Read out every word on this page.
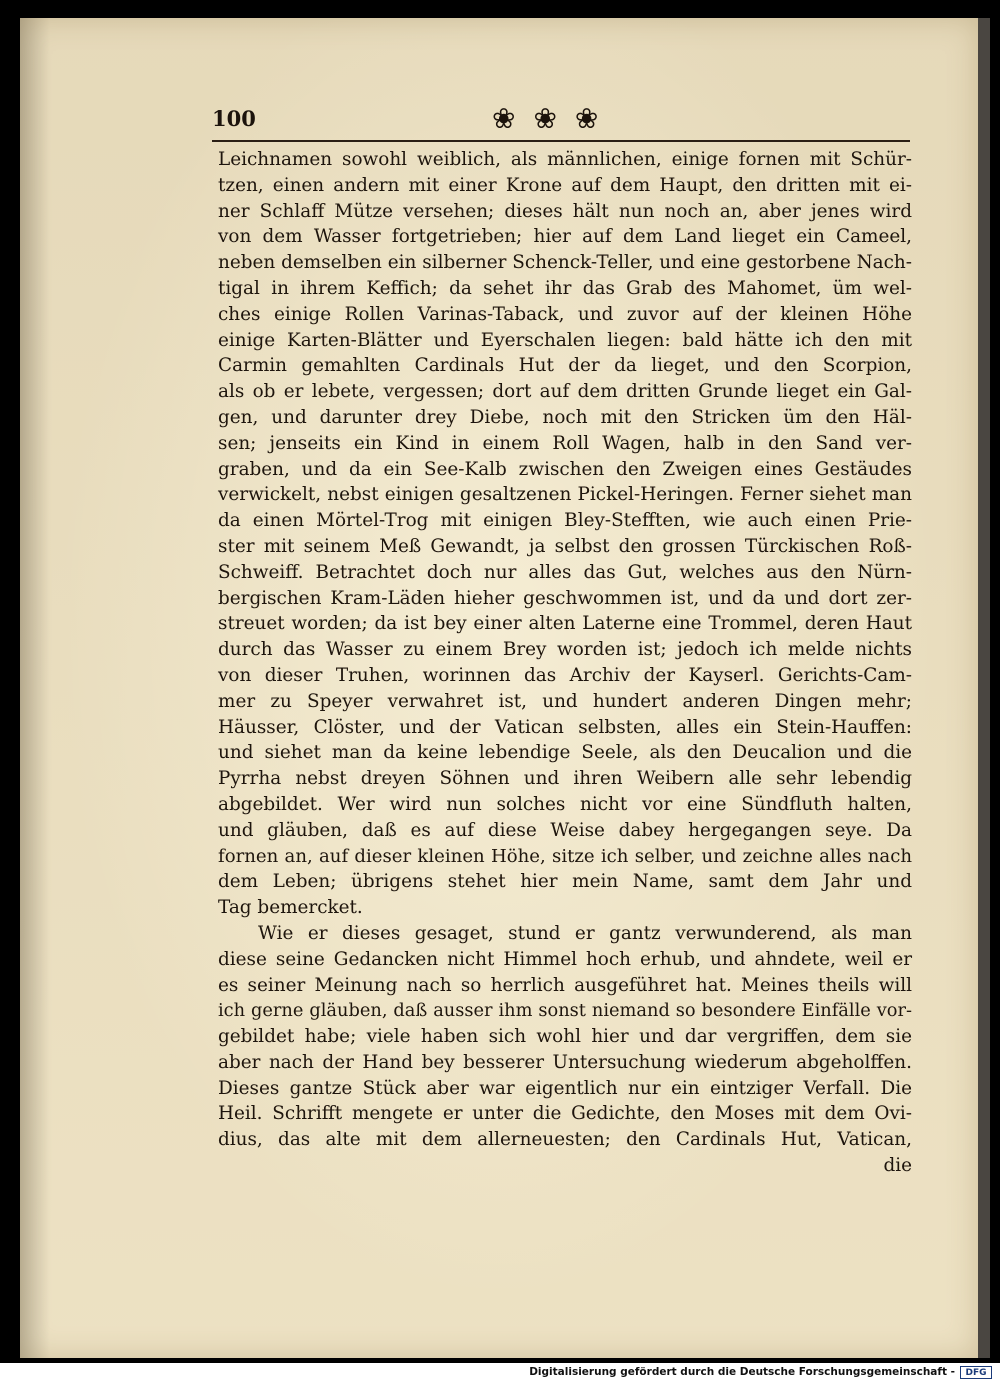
100	❀❀❀
Leichnamen sowohl weiblich, als männlichen, einige fornen mit Schür-
tzen, einen andern mit einer Krone auf dem Haupt, den dritten mit ei-
ner Schlaff Mütze versehen; dieses hält nun noch an, aber jenes wird
von dem Wasser fortgetrieben; hier auf dem Land lieget ein Cameel,
neben demselben ein silberner Schenck-Teller, und eine gestorbene Nach-
tigal in ihrem Keffich; da sehet ihr das Grab des Mahomet, üm wel-
ches einige Rollen Varinas-Taback, und zuvor auf der kleinen Höhe
einige Karten-Blätter und Eyerschalen liegen: bald hätte ich den mit
Carmin gemahlten Cardinals Hut der da lieget, und den Scorpion,
als ob er lebete, vergessen; dort auf dem dritten Grunde lieget ein Gal-
gen, und darunter drey Diebe, noch mit den Stricken üm den Häl-
sen; jenseits ein Kind in einem Roll Wagen, halb in den Sand ver-
graben, und da ein See-Kalb zwischen den Zweigen eines Gestäudes
verwickelt, nebst einigen gesaltzenen Pickel-Heringen. Ferner siehet man
da einen Mörtel-Trog mit einigen Bley-Stefften, wie auch einen Prie-
ster mit seinem Meß Gewandt, ja selbst den grossen Türckischen Roß-
Schweiff. Betrachtet doch nur alles das Gut, welches aus den Nürn-
bergischen Kram-Läden hieher geschwommen ist, und da und dort zer-
streuet worden; da ist bey einer alten Laterne eine Trommel, deren Haut
durch das Wasser zu einem Brey worden ist; jedoch ich melde nichts
von dieser Truhen, worinnen das Archiv der Kayserl. Gerichts-Cam-
mer zu Speyer verwahret ist, und hundert anderen Dingen mehr;
Häusser, Clöster, und der Vatican selbsten, alles ein Stein-Hauffen:
und siehet man da keine lebendige Seele, als den Deucalion und die
Pyrrha nebst dreyen Söhnen und ihren Weibern alle sehr lebendig
abgebildet. Wer wird nun solches nicht vor eine Sündfluth halten,
und gläuben, daß es auf diese Weise dabey hergegangen seye. Da
fornen an, auf dieser kleinen Höhe, sitze ich selber, und zeichne alles nach
dem Leben; übrigens stehet hier mein Name, samt dem Jahr und
Tag bemercket.
Wie er dieses gesaget, stund er gantz verwunderend, als man
diese seine Gedancken nicht Himmel hoch erhub, und ahndete, weil er
es seiner Meinung nach so herrlich ausgeführet hat. Meines theils will
ich gerne gläuben, daß ausser ihm sonst niemand so besondere Einfälle vor-
gebildet habe; viele haben sich wohl hier und dar vergriffen, dem sie
aber nach der Hand bey besserer Untersuchung wiederum abgeholffen.
Dieses gantze Stück aber war eigentlich nur ein eintziger Verfall. Die
Heil. Schrifft mengete er unter die Gedichte, den Moses mit dem Ovi-
dius, das alte mit dem allerneuesten; den Cardinals Hut, Vatican,
die
Digitalisierung gefördert durch die Deutsche Forschungsgemeinschaft -	DFG
